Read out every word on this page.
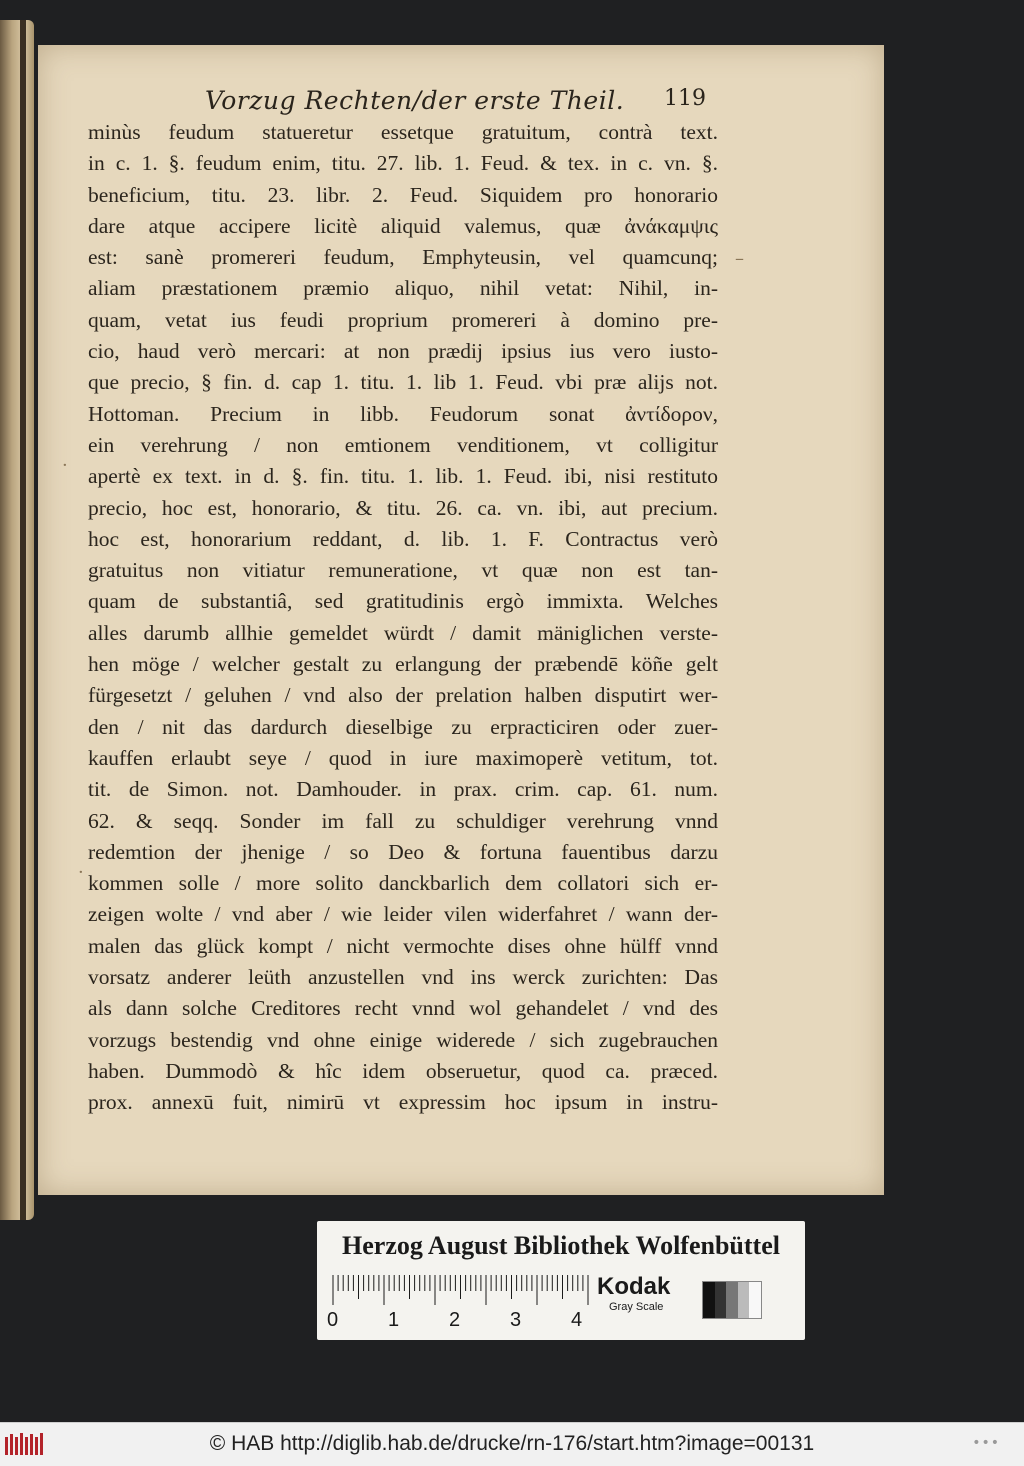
Vorzug Rechten/der erste Theil.	119
minùs feudum statueretur essetque gratuitum, contrà text.
in c. 1. §. feudum enim, titu. 27. lib. 1. Feud. & tex. in c. vn. §.
beneficium, titu. 23. libr. 2. Feud. Siquidem pro honorario
dare atque accipere licitè aliquid valemus, quæ ἀνάκαμψις
est: sanè promereri feudum, Emphyteusin, vel quamcunq;
aliam præstationem præmio aliquo, nihil vetat: Nihil, in-
quam, vetat ius feudi proprium promereri à domino pre-
cio, haud verò mercari: at non prædij ipsius ius vero iusto-
que precio, § fin. d. cap 1. titu. 1. lib 1. Feud. vbi præ alijs not.
Hottoman. Precium in libb. Feudorum sonat ἀντίδορον,
ein verehrung / non emtionem venditionem, vt colligitur
apertè ex text. in d. §. fin. titu. 1. lib. 1. Feud. ibi, nisi restituto
precio, hoc est, honorario, & titu. 26. ca. vn. ibi, aut precium.
hoc est, honorarium reddant, d. lib. 1. F. Contractus verò
gratuitus non vitiatur remuneratione, vt quæ non est tan-
quam de substantiâ, sed gratitudinis ergò immixta. Welches
alles darumb allhie gemeldet würdt / damit mäniglichen verste-
hen möge / welcher gestalt zu erlangung der præbendē köñe gelt
fürgesetzt / geluhen / vnd also der prelation halben disputirt wer-
den / nit das dardurch dieselbige zu erpracticiren oder zuer-
kauffen erlaubt seye / quod in iure maximoperè vetitum, tot.
tit. de Simon. not. Damhouder. in prax. crim. cap. 61. num.
62. & seqq. Sonder im fall zu schuldiger verehrung vnnd
redemtion der jhenige / so Deo & fortuna fauentibus darzu
kommen solle / more solito danckbarlich dem collatori sich er-
zeigen wolte / vnd aber / wie leider vilen widerfahret / wann der-
malen das glück kompt / nicht vermochte dises ohne hülff vnnd
vorsatz anderer leüth anzustellen vnd ins werck zurichten: Das
als dann solche Creditores recht vnnd wol gehandelet / vnd des
vorzugs bestendig vnd ohne einige widerede / sich zugebrauchen
haben. Dummodò & hîc idem obseruetur, quod ca. præced.
prox. annexū fuit, nimirū vt expressim hoc ipsum in instru-
–
·
·
Herzog August Bibliothek Wolfenbüttel
0 1 2 3 4
Kodak
Gray Scale
© HAB http://diglib.hab.de/drucke/rn-176/start.htm?image=00131	•••
